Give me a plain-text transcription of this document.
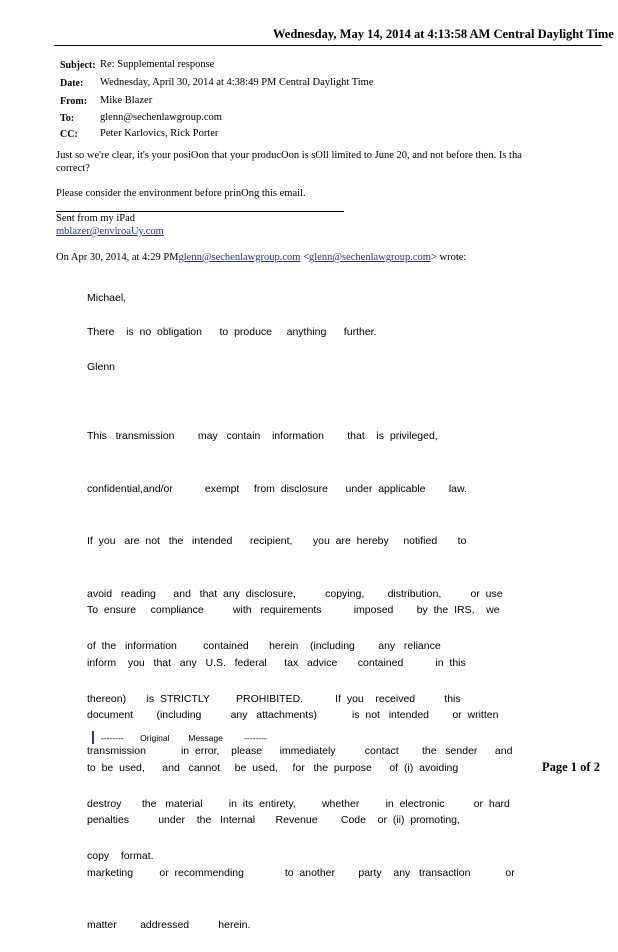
Wednesday, May 14, 2014 at 4:13:58 AM Central Daylight Time
Subject: Re: Supplemental response
Date: Wednesday, April 30, 2014 at 4:38:49 PM Central Daylight Time
From: Mike Blazer
To: glenn@sechenlawgroup.com
CC: Peter Karlovics, Rick Porter
Just so we're clear, it's your posiOon that your producOon is sOll limited to June 20, and not before then. Is tha
correct?
Please consider the environment before prinOng this email.
Sent from my iPad
mblazer@enviroaUy.com
On Apr 30, 2014, at 4:29 PMglenn@sechenlawgroup.com <glenn@sechenlawgroup.com> wrote:
Michael,
There    is  no  obligation      to  produce     anything      further.
Glenn

This   transmission        may   contain    information        that    is  privileged,

confidential,and/or           exempt     from  disclosure      under  applicable        law.

If  you   are  not   the   intended      recipient,       you  are  hereby     notified       to

avoid   reading      and   that  any  disclosure,          copying,        distribution,          or  use

of  the   information         contained       herein    (including        any   reliance

thereon)       is  STRICTLY         PROHIBITED.           If  you    received          this

transmission            in  error,    please      immediately          contact        the   sender      and

destroy       the   material         in  its  entirety,         whether         in  electronic          or  hard

copy    format.

To  ensure     compliance          with   requirements           imposed        by  the  IRS,    we

inform    you   that   any   U.S.   federal      tax   advice       contained           in  this

document        (including          any   attachments)            is  not   intended        or  written

to  be  used,      and   cannot     be  used,     for   the  purpose      of  (i)  avoiding

penalties          under    the   Internal       Revenue        Code    or  (ii)  promoting,

marketing         or  recommending              to  another        party    any   transaction            or

matter        addressed          herein.

--------       Original        Message         --------
Page 1 of 2
